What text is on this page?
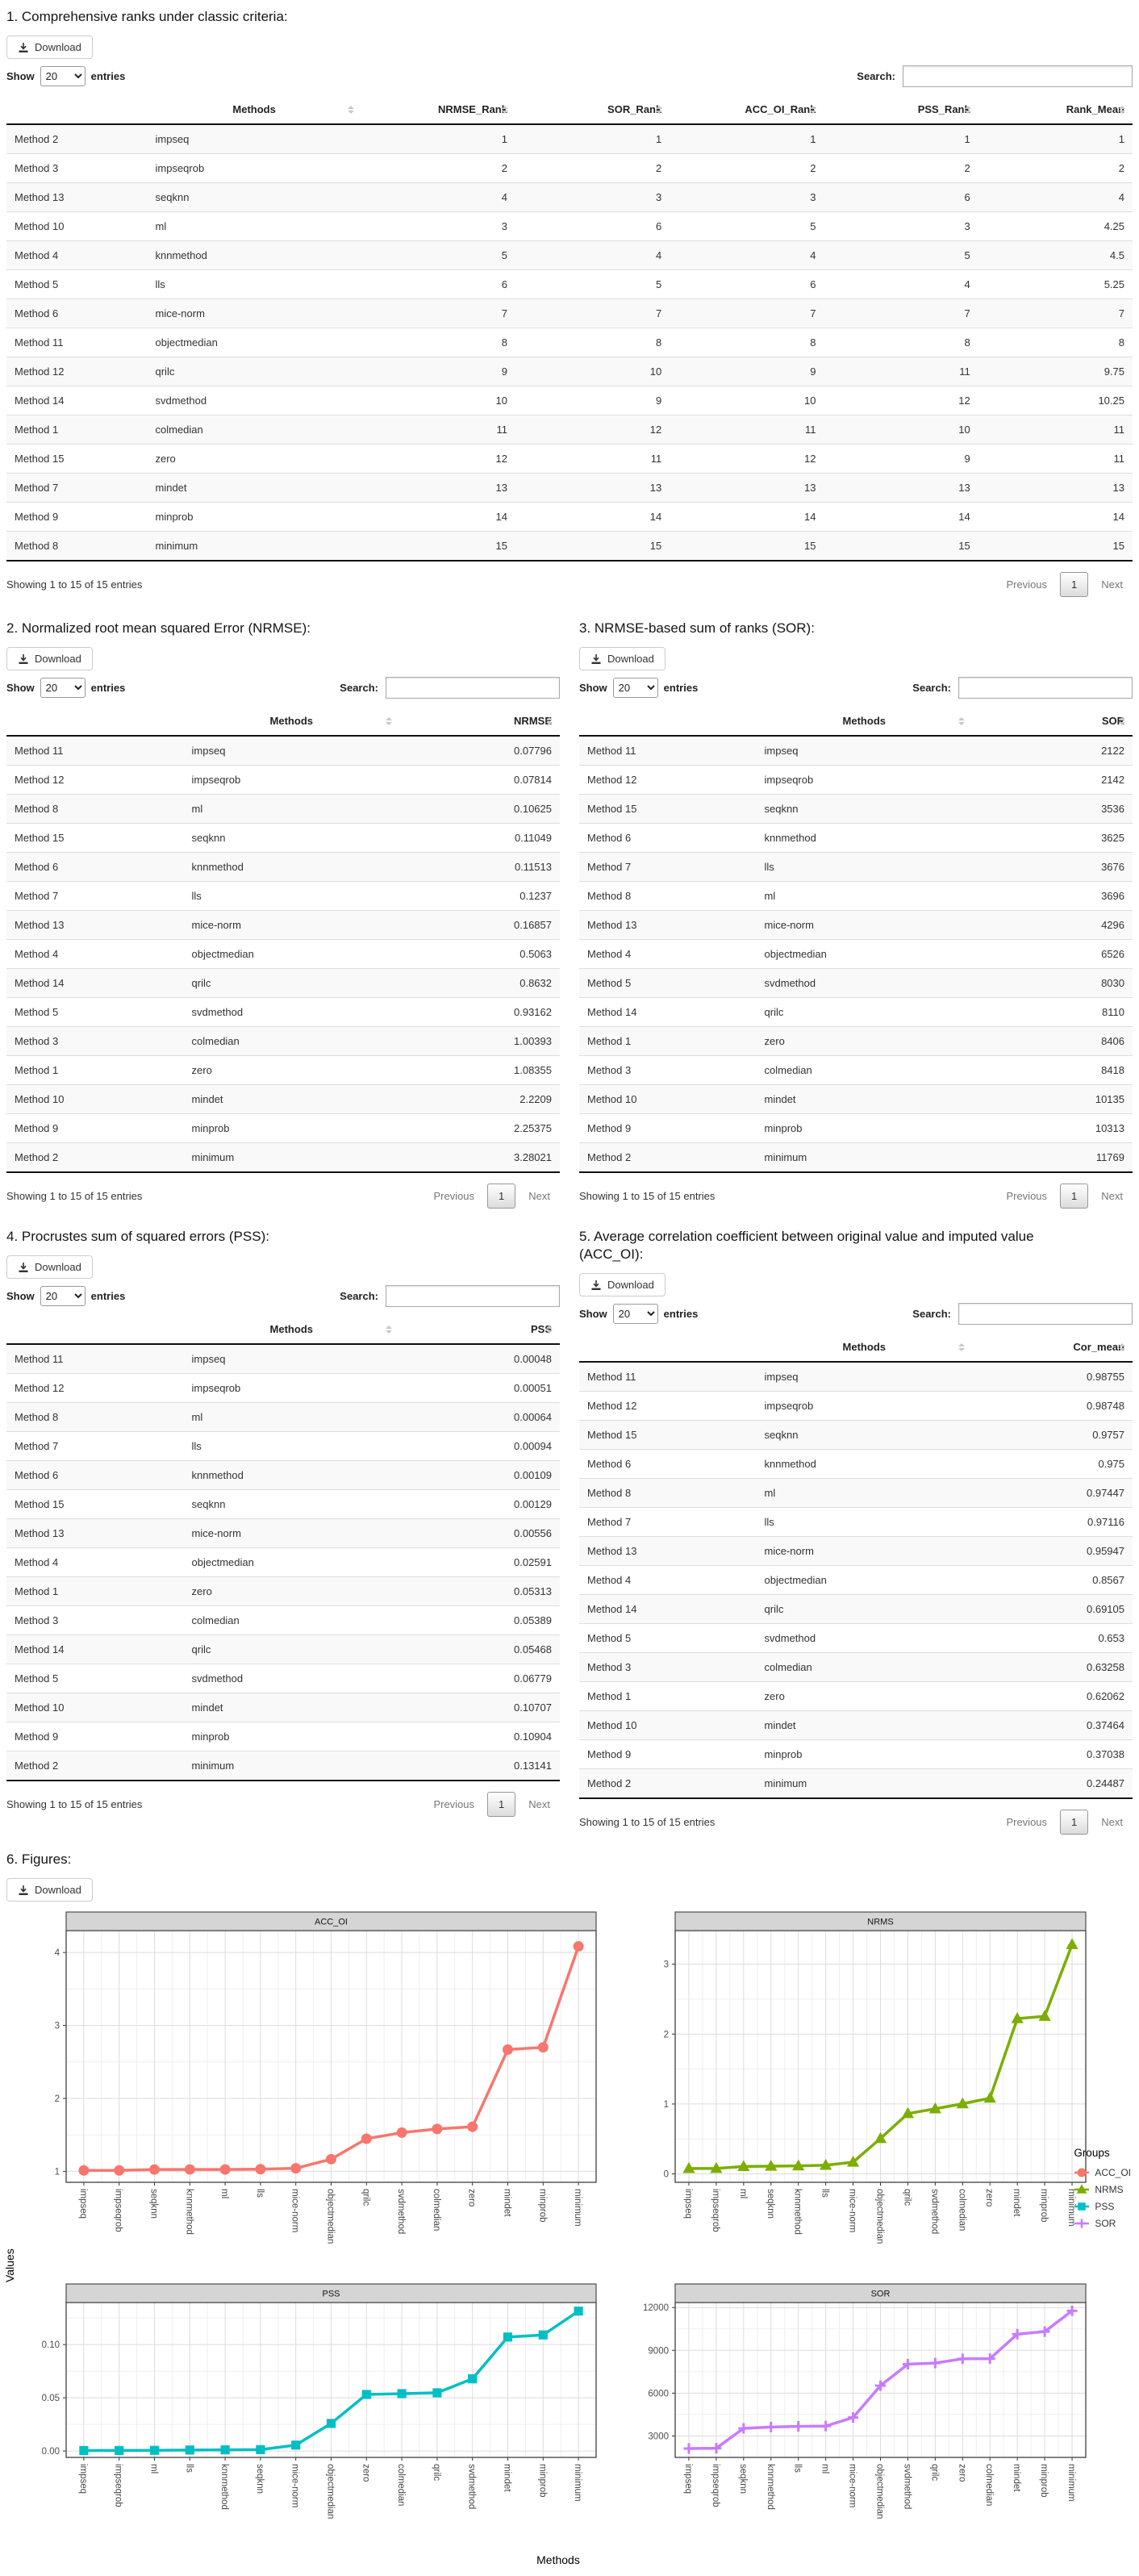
1. Comprehensive ranks under classic criteria:
Download
Show
20	entries	Search:
	Methods	NRMSE_Rank	SOR_Rank	ACC_OI_Rank	PSS_Rank	Rank_Mean

Method 2	impseq	1	1	1	1	1
Method 3	impseqrob	2	2	2	2	2
Method 13	seqknn	4	3	3	6	4
Method 10	ml	3	6	5	3	4.25
Method 4	knnmethod	5	4	4	5	4.5
Method 5	lls	6	5	6	4	5.25
Method 6	mice-norm	7	7	7	7	7
Method 11	objectmedian	8	8	8	8	8
Method 12	qrilc	9	10	9	11	9.75
Method 14	svdmethod	10	9	10	12	10.25
Method 1	colmedian	11	12	11	10	11
Method 15	zero	12	11	12	9	11
Method 7	mindet	13	13	13	13	13
Method 9	minprob	14	14	14	14	14
Method 8	minimum	15	15	15	15	15
Showing 1 to 15 of 15 entries	Previous	1	Next
2. Normalized root mean squared Error (NRMSE):
Download
Show
20	entries	Search:
	Methods	NRMSE

Method 11	impseq	0.07796
Method 12	impseqrob	0.07814
Method 8	ml	0.10625
Method 15	seqknn	0.11049
Method 6	knnmethod	0.11513
Method 7	lls	0.1237
Method 13	mice-norm	0.16857
Method 4	objectmedian	0.5063
Method 14	qrilc	0.8632
Method 5	svdmethod	0.93162
Method 3	colmedian	1.00393
Method 1	zero	1.08355
Method 10	mindet	2.2209
Method 9	minprob	2.25375
Method 2	minimum	3.28021
Showing 1 to 15 of 15 entries	Previous	1	Next
3. NRMSE-based sum of ranks (SOR):
Download
Show
20	entries	Search:
	Methods	SOR

Method 11	impseq	2122
Method 12	impseqrob	2142
Method 15	seqknn	3536
Method 6	knnmethod	3625
Method 7	lls	3676
Method 8	ml	3696
Method 13	mice-norm	4296
Method 4	objectmedian	6526
Method 5	svdmethod	8030
Method 14	qrilc	8110
Method 1	zero	8406
Method 3	colmedian	8418
Method 10	mindet	10135
Method 9	minprob	10313
Method 2	minimum	11769
Showing 1 to 15 of 15 entries	Previous	1	Next
4. Procrustes sum of squared errors (PSS):
Download
Show
20	entries	Search:
	Methods	PSS

Method 11	impseq	0.00048
Method 12	impseqrob	0.00051
Method 8	ml	0.00064
Method 7	lls	0.00094
Method 6	knnmethod	0.00109
Method 15	seqknn	0.00129
Method 13	mice-norm	0.00556
Method 4	objectmedian	0.02591
Method 1	zero	0.05313
Method 3	colmedian	0.05389
Method 14	qrilc	0.05468
Method 5	svdmethod	0.06779
Method 10	mindet	0.10707
Method 9	minprob	0.10904
Method 2	minimum	0.13141
Showing 1 to 15 of 15 entries	Previous	1	Next
5. Average correlation coefficient between original value and imputed value (ACC_OI):
Download
Show
20	entries	Search:
	Methods	Cor_mean

Method 11	impseq	0.98755
Method 12	impseqrob	0.98748
Method 15	seqknn	0.9757
Method 6	knnmethod	0.975
Method 8	ml	0.97447
Method 7	lls	0.97116
Method 13	mice-norm	0.95947
Method 4	objectmedian	0.8567
Method 14	qrilc	0.69105
Method 5	svdmethod	0.653
Method 3	colmedian	0.63258
Method 1	zero	0.62062
Method 10	mindet	0.37464
Method 9	minprob	0.37038
Method 2	minimum	0.24487
Showing 1 to 15 of 15 entries	Previous	1	Next
6. Figures:
Download
Values
1
2
3
4
impseq	impseqrob	seqknn	knnmethod	ml	lls	mice-norm	objectmedian	qrilc	svdmethod	colmedian	zero	mindet	minprob	minimum
ACC_OI
0
1
2
3
impseq impseqrob ml seqknn knnmethod lls mice-norm objectmedian qrilc svdmethod colmedian zero mindet minprob minimum
NRMS
0.00
0.05
0.10
impseq	impseqrob	ml	lls	knnmethod	seqknn	mice-norm	objectmedian	zero	colmedian	qrilc	svdmethod	mindet	minprob	minimum
PSS
3000
6000
9000
12000
impseq impseqrob seqknn knnmethod lls ml mice-norm objectmedian svdmethod qrilc zero colmedian mindet minprob minimum
SOR
Methods
Groups
ACC_OI
NRMS
PSS
SOR
